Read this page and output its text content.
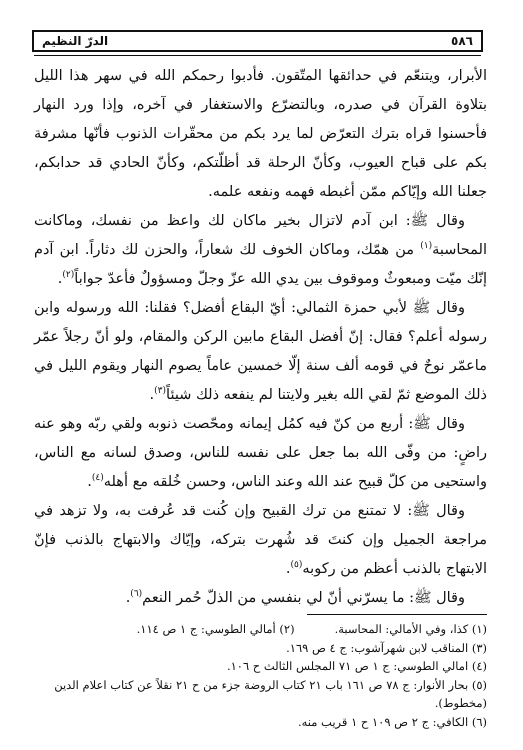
٥٨٦
الدرّ النظيم

الأبرار، ويتنعّم في حدائقها المتّقون. فأدبوا رحمكم الله في سهر هذا الليل بتلاوة القرآن في صدره، وبالتضرّع والاستغفار في آخره، وإذا ورد النهار فأحسنوا قراه بترك التعرّض لما يرد بكم من محقّرات الذنوب فأنّها مشرفة بكم على قباح العيوب، وكأنّ الرحلة قد أظلّتكم، وكأنّ الحادي قد حدابكم، جعلنا الله وإيّاكم ممّن أغبطه فهمه ونفعه علمه.

وقال ﷺ: ابن آدم لاتزال بخير ماكان لك واعظ من نفسك، وماكانت المحاسبة$^{(١)}$ من همّك، وماكان الخوف لك شعاراً، والحزن لك دثاراً. ابن آدم إنّك ميّت ومبعوثٌ وموقوف بين يدي الله عزّ وجلّ ومسؤولٌ فأعدّ جواباً$^{(٢)}$.

وقال ﷺ لأبي حمزة الثمالي: أيّ البقاع أفضل؟ فقلنا: الله ورسوله وابن رسوله أعلم؟ فقال: إنّ أفضل البقاع مابين الركن والمقام، ولو أنّ رجلاً عمّر ماعمّر نوحٌ في قومه ألف سنة إلّا خمسين عاماً يصوم النهار ويقوم الليل في ذلك الموضع ثمّ لقي الله بغير ولايتنا لم ينفعه ذلك شيئاً$^{(٣)}$.

وقال ﷺ: أربع من كنّ فيه كمُل إيمانه ومحّصت ذنوبه ولقي ربّه وهو عنه راضٍ: من وفّى الله بما جعل على نفسه للناس، وصدق لسانه مع الناس، واستحيى من كلّ قبيح عند الله وعند الناس، وحسن خُلقه مع أهله$^{(٤)}$.

وقال ﷺ: لا تمتنع من ترك القبيح وإن كُنت قد عُرفت به، ولا تزهد في مراجعة الجميل وإن كنتَ قد شُهرت بتركه، وإيّاك والابتهاج بالذنب فإنّ الابتهاج بالذنب أعظم من ركوبه$^{(٥)}$.

وقال ﷺ: ما يسرّني أنّ لي بنفسي من الذلّ حُمر النعم$^{(٦)}$.

(١) كذا، وفي الأمالي: المحاسبة.
(٢) أمالي الطوسي: ج ١ ص ١١٤.
(٣) المناقب لابن شهرآشوب: ج ٤ ص ١٦٩.
(٤) امالي الطوسي: ج ١ ص ٧١ المجلس الثالث ح ١٠٦.
(٥) بحار الأنوار: ج ٧٨ ص ١٦١ باب ٢١ كتاب الروضة جزء من ح ٢١ نقلاً عن كتاب اعلام الدين (مخطوط).
(٦) الكافي: ج ٢ ص ١٠٩ ح ١ قريب منه.
